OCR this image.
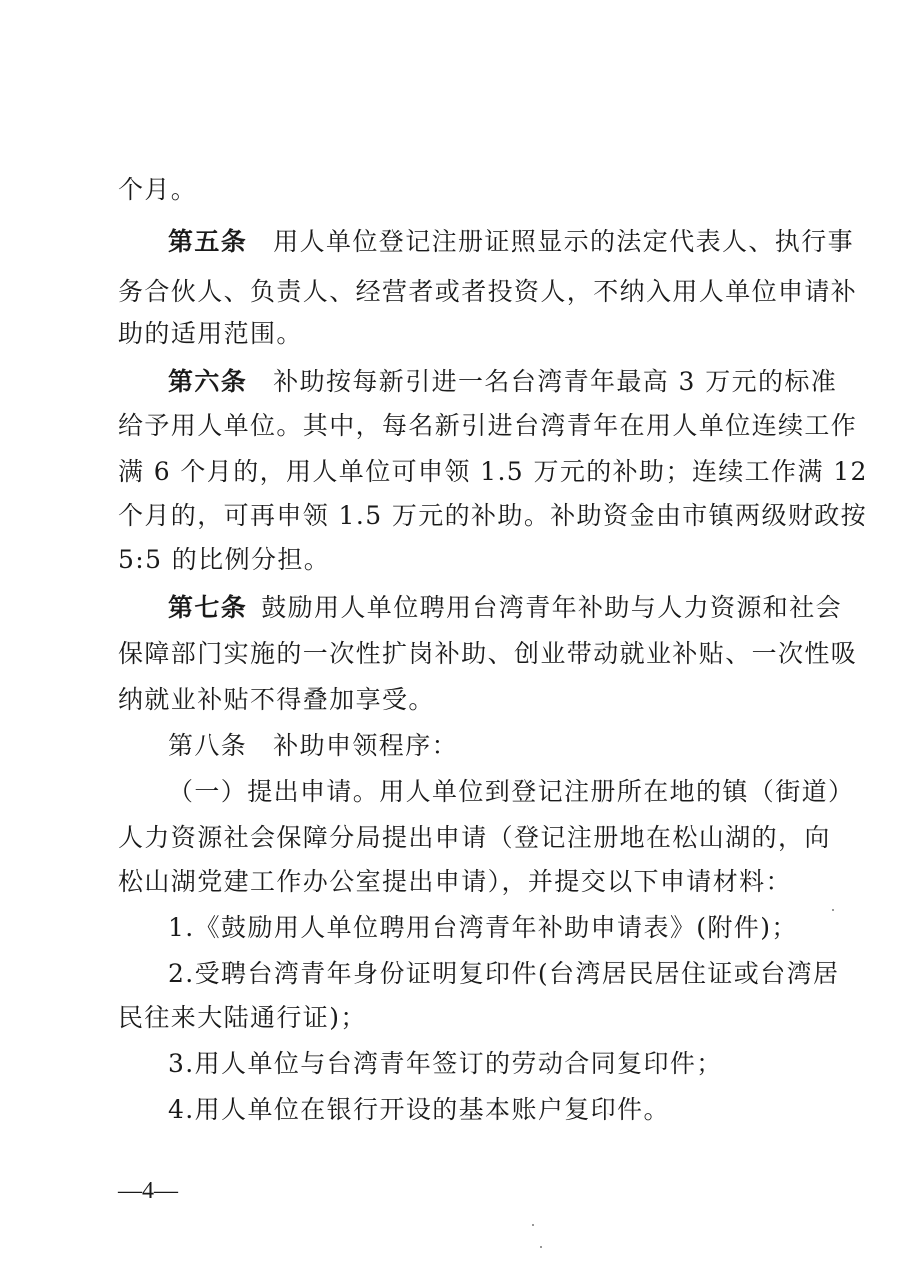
个月。
第五条 用人单位登记注册证照显示的法定代表人、执行事
务合伙人、负责人、经营者或者投资人，不纳入用人单位申请补
助的适用范围。
第六条 补助按每新引进一名台湾青年最高 3 万元的标准
给予用人单位。其中，每名新引进台湾青年在用人单位连续工作
满 6 个月的，用人单位可申领 1.5 万元的补助；连续工作满 12
个月的，可再申领 1.5 万元的补助。补助资金由市镇两级财政按
5:5 的比例分担。
第七条 鼓励用人单位聘用台湾青年补助与人力资源和社会
保障部门实施的一次性扩岗补助、创业带动就业补贴、一次性吸
纳就业补贴不得叠加享受。
第八条 补助申领程序：
（一）提出申请。用人单位到登记注册所在地的镇（街道）
人力资源社会保障分局提出申请（登记注册地在松山湖的，向
松山湖党建工作办公室提出申请），并提交以下申请材料：
1.《鼓励用人单位聘用台湾青年补助申请表》(附件)；
2.受聘台湾青年身份证明复印件(台湾居民居住证或台湾居
民往来大陆通行证)；
3.用人单位与台湾青年签订的劳动合同复印件；
4.用人单位在银行开设的基本账户复印件。
—4—
